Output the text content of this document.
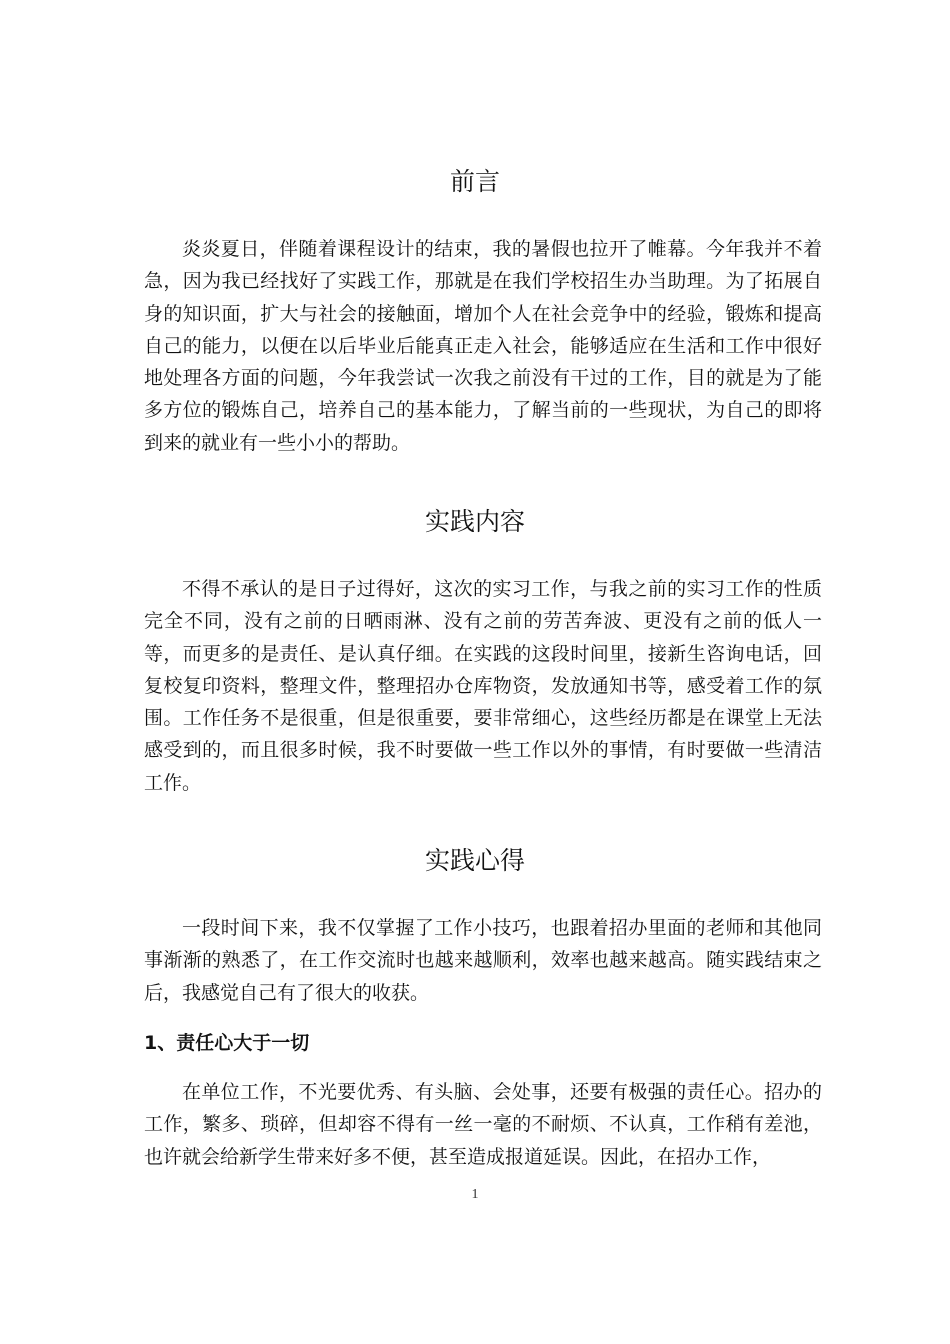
前言

炎炎夏日，伴随着课程设计的结束，我的暑假也拉开了帷幕。今年我并不着急，因为我已经找好了实践工作，那就是在我们学校招生办当助理。为了拓展自身的知识面，扩大与社会的接触面，增加个人在社会竞争中的经验，锻炼和提高自己的能力，以便在以后毕业后能真正走入社会，能够适应在生活和工作中很好地处理各方面的问题，今年我尝试一次我之前没有干过的工作，目的就是为了能多方位的锻炼自己，培养自己的基本能力，了解当前的一些现状，为自己的即将到来的就业有一些小小的帮助。

实践内容

不得不承认的是日子过得好，这次的实习工作，与我之前的实习工作的性质完全不同，没有之前的日晒雨淋、没有之前的劳苦奔波、更没有之前的低人一等，而更多的是责任、是认真仔细。在实践的这段时间里，接新生咨询电话，回复校复印资料，整理文件，整理招办仓库物资，发放通知书等，感受着工作的氛围。工作任务不是很重，但是很重要，要非常细心，这些经历都是在课堂上无法感受到的，而且很多时候，我不时要做一些工作以外的事情，有时要做一些清洁工作。

实践心得

一段时间下来，我不仅掌握了工作小技巧，也跟着招办里面的老师和其他同事渐渐的熟悉了，在工作交流时也越来越顺利，效率也越来越高。随实践结束之后，我感觉自己有了很大的收获。

1、责任心大于一切

在单位工作，不光要优秀、有头脑、会处事，还要有极强的责任心。招办的工作，繁多、琐碎，但却容不得有一丝一毫的不耐烦、不认真，工作稍有差池，也许就会给新学生带来好多不便，甚至造成报道延误。因此，在招办工作，

1
